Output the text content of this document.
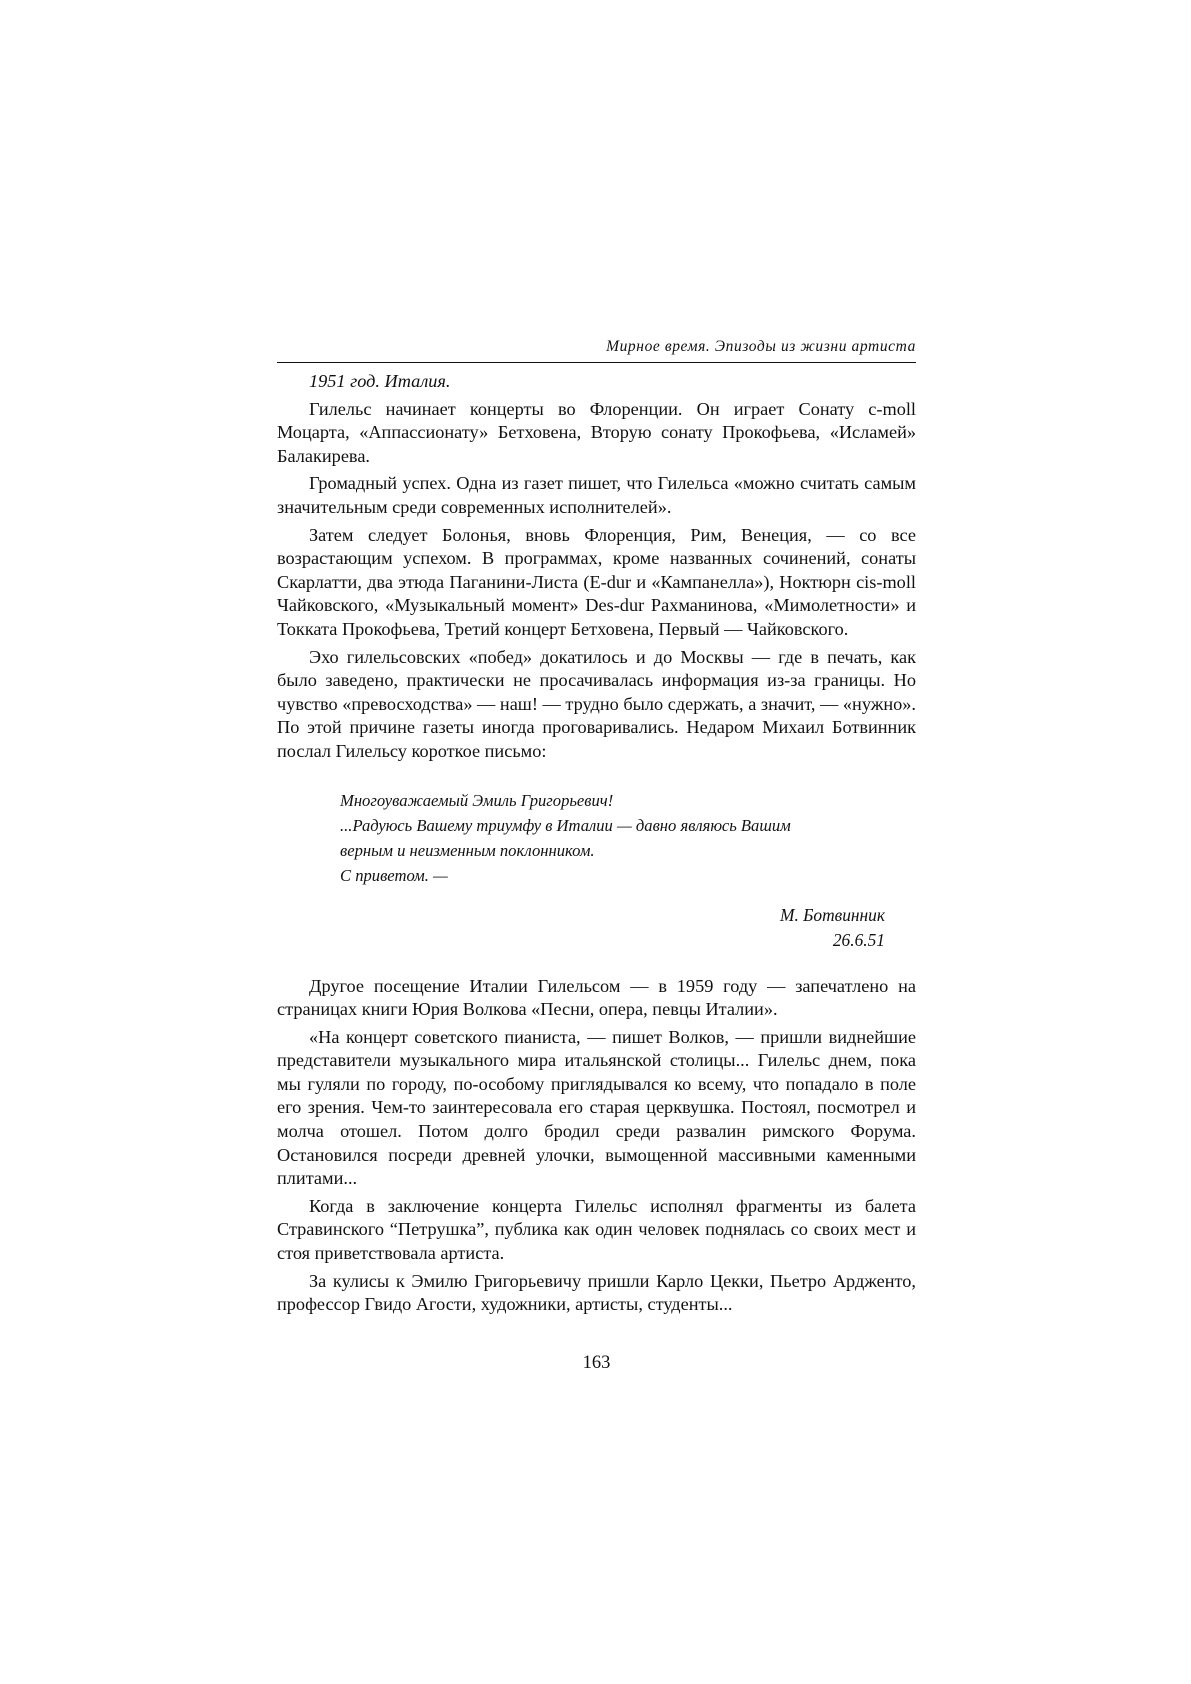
Мирное время. Эпизоды из жизни артиста

1951 год. Италия.

Гилельс начинает концерты во Флоренции. Он играет Сонату c-moll Моцарта, «Аппассионату» Бетховена, Вторую сонату Прокофьева, «Исламей» Балакирева.

Громадный успех. Одна из газет пишет, что Гилельса «можно считать самым значительным среди современных исполнителей».

Затем следует Болонья, вновь Флоренция, Рим, Венеция, — со все возрастающим успехом. В программах, кроме названных сочинений, сонаты Скарлатти, два этюда Паганини-Листа (E-dur и «Кампанелла»), Ноктюрн cis-moll Чайковского, «Музыкальный момент» Des-dur Рахманинова, «Мимолетности» и Токката Прокофьева, Третий концерт Бетховена, Первый — Чайковского.

Эхо гилельсовских «побед» докатилось и до Москвы — где в печать, как было заведено, практически не просачивалась информация из-за границы. Но чувство «превосходства» — наш! — трудно было сдержать, а значит, — «нужно». По этой причине газеты иногда проговаривались. Недаром Михаил Ботвинник послал Гилельсу короткое письмо:

Многоуважаемый Эмиль Григорьевич!
...Радуюсь Вашему триумфу в Италии — давно являюсь Вашим
верным и неизменным поклонником.
С приветом. —
М. Ботвинник
26.6.51

Другое посещение Италии Гилельсом — в 1959 году — запечатлено на страницах книги Юрия Волкова «Песни, опера, певцы Италии».

«На концерт советского пианиста, — пишет Волков, — пришли виднейшие представители музыкального мира итальянской столицы... Гилельс днем, пока мы гуляли по городу, по-особому приглядывался ко всему, что попадало в поле его зрения. Чем-то заинтересовала его старая церквушка. Постоял, посмотрел и молча отошел. Потом долго бродил среди развалин римского Форума. Остановился посреди древней улочки, вымощенной массивными каменными плитами...

Когда в заключение концерта Гилельс исполнял фрагменты из балета Стравинского “Петрушка”, публика как один человек поднялась со своих мест и стоя приветствовала артиста.

За кулисы к Эмилю Григорьевичу пришли Карло Цекки, Пьетро Ардженто, профессор Гвидо Агости, художники, артисты, студенты...

163
